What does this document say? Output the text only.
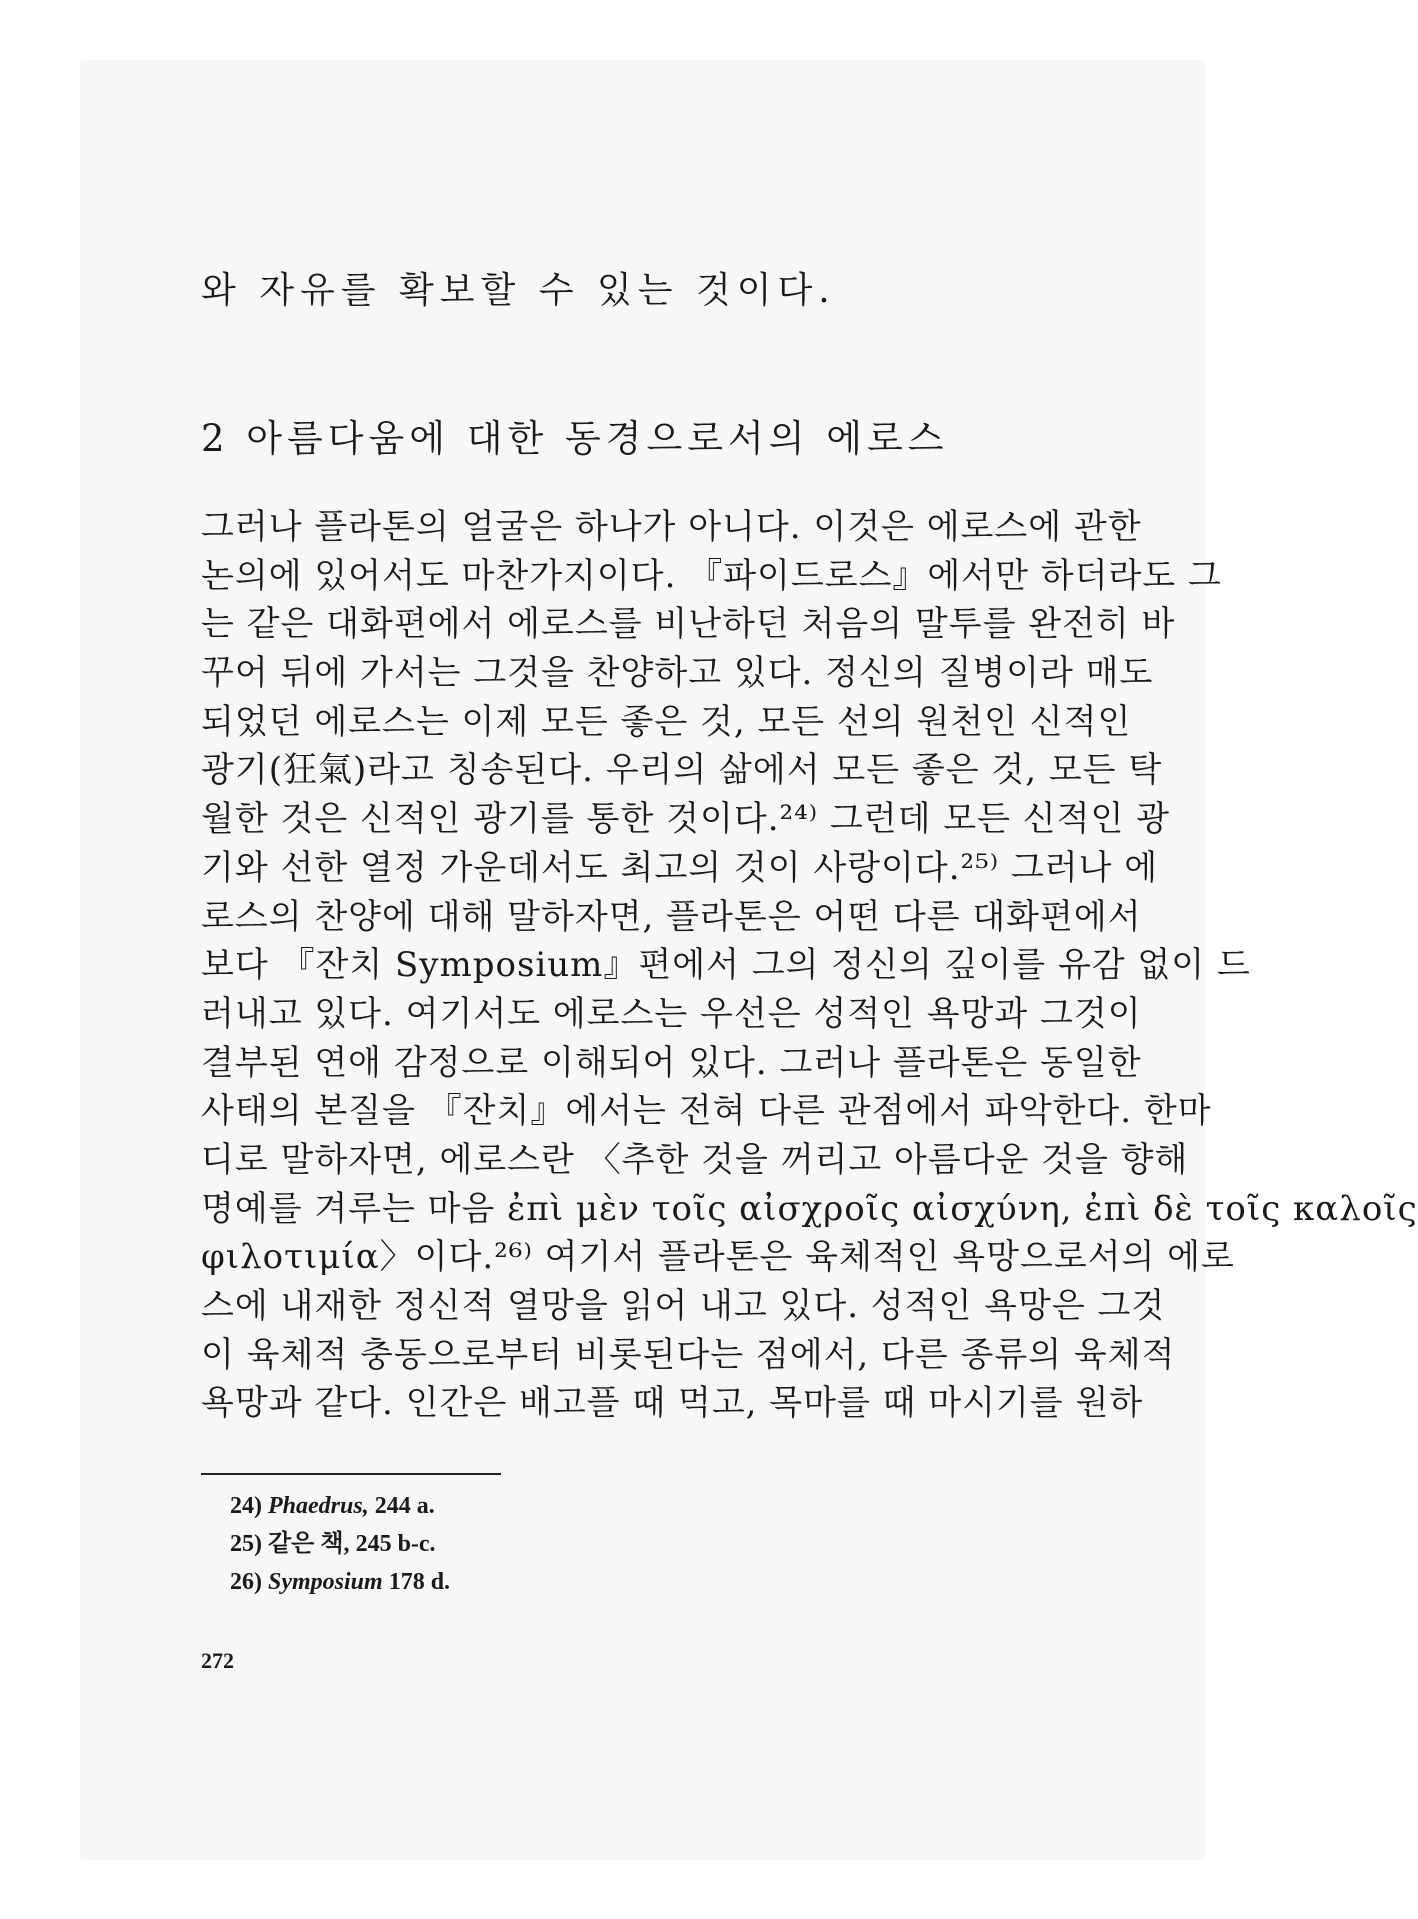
와 자유를 확보할 수 있는 것이다.
2 아름다움에 대한 동경으로서의 에로스
그러나 플라톤의 얼굴은 하나가 아니다. 이것은 에로스에 관한
논의에 있어서도 마찬가지이다. 『파이드로스』에서만 하더라도 그
는 같은 대화편에서 에로스를 비난하던 처음의 말투를 완전히 바
꾸어 뒤에 가서는 그것을 찬양하고 있다. 정신의 질병이라 매도
되었던 에로스는 이제 모든 좋은 것, 모든 선의 원천인 신적인
광기(狂氣)라고 칭송된다. 우리의 삶에서 모든 좋은 것, 모든 탁
월한 것은 신적인 광기를 통한 것이다.²⁴⁾ 그런데 모든 신적인 광
기와 선한 열정 가운데서도 최고의 것이 사랑이다.²⁵⁾ 그러나 에
로스의 찬양에 대해 말하자면, 플라톤은 어떤 다른 대화편에서
보다 『잔치 Symposium』편에서 그의 정신의 깊이를 유감 없이 드
러내고 있다. 여기서도 에로스는 우선은 성적인 욕망과 그것이
결부된 연애 감정으로 이해되어 있다. 그러나 플라톤은 동일한
사태의 본질을 『잔치』에서는 전혀 다른 관점에서 파악한다. 한마
디로 말하자면, 에로스란 〈추한 것을 꺼리고 아름다운 것을 향해
명예를 겨루는 마음 ἐπὶ μὲν τοῖς αἰσχροῖς αἰσχύνη, ἐπὶ δὲ τοῖς καλοῖς
φιλοτιμία〉이다.²⁶⁾ 여기서 플라톤은 육체적인 욕망으로서의 에로
스에 내재한 정신적 열망을 읽어 내고 있다. 성적인 욕망은 그것
이 육체적 충동으로부터 비롯된다는 점에서, 다른 종류의 육체적
욕망과 같다. 인간은 배고플 때 먹고, 목마를 때 마시기를 원하
24) Phaedrus, 244 a.
25) 같은 책, 245 b-c.
26) Symposium 178 d.
272
